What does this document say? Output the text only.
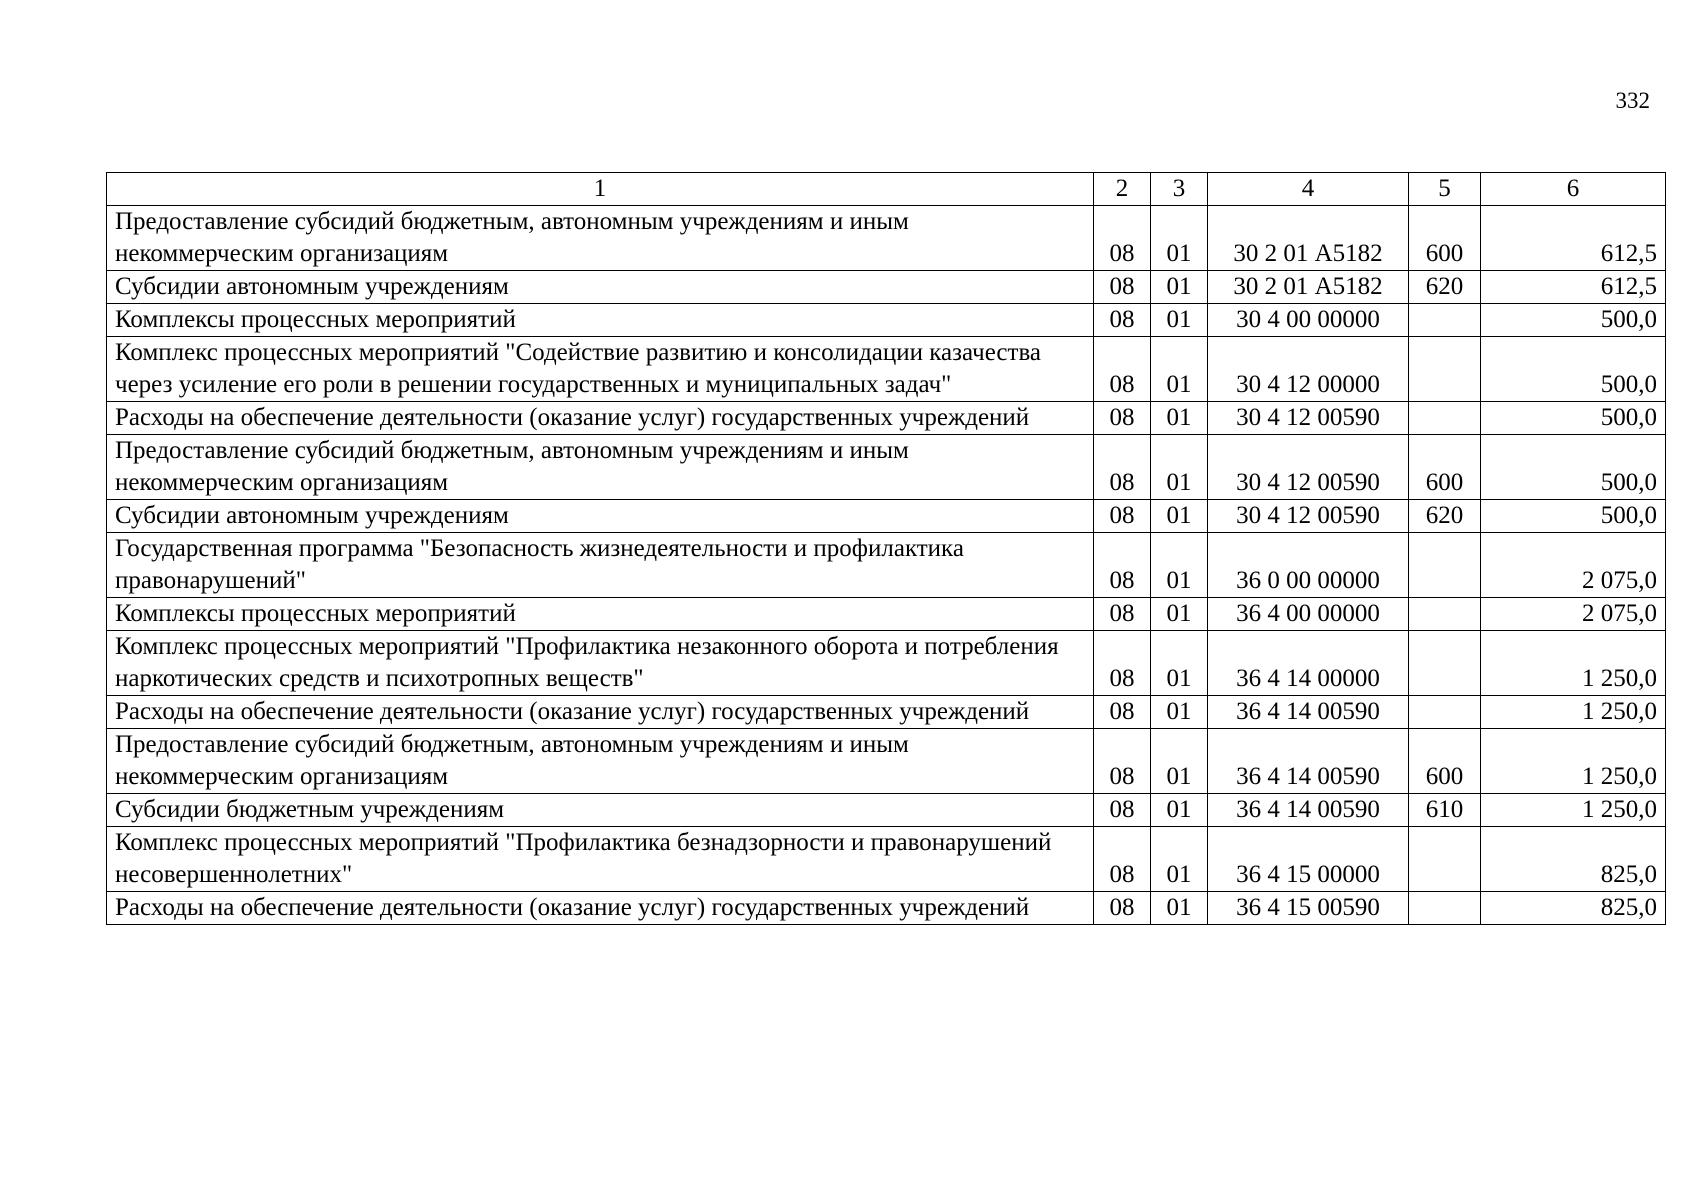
332
1	2	3	4	5	6
Предоставление субсидий бюджетным, автономным учреждениям и иным некоммерческим организациям	08	01	30 2 01 А5182	600	612,5
Субсидии автономным учреждениям	08	01	30 2 01 А5182	620	612,5
Комплексы процессных мероприятий	08	01	30 4 00 00000		500,0
Комплекс процессных мероприятий "Содействие развитию и консолидации казачества через усиление его роли в решении государственных и муниципальных задач"	08	01	30 4 12 00000		500,0
Расходы на обеспечение деятельности (оказание услуг) государственных учреждений	08	01	30 4 12 00590		500,0
Предоставление субсидий бюджетным, автономным учреждениям и иным некоммерческим организациям	08	01	30 4 12 00590	600	500,0
Субсидии автономным учреждениям	08	01	30 4 12 00590	620	500,0
Государственная программа "Безопасность жизнедеятельности и профилактика правонарушений"	08	01	36 0 00 00000		2 075,0
Комплексы процессных мероприятий	08	01	36 4 00 00000		2 075,0
Комплекс процессных мероприятий "Профилактика незаконного оборота и потребления наркотических средств и психотропных веществ"	08	01	36 4 14 00000		1 250,0
Расходы на обеспечение деятельности (оказание услуг) государственных учреждений	08	01	36 4 14 00590		1 250,0
Предоставление субсидий бюджетным, автономным учреждениям и иным некоммерческим организациям	08	01	36 4 14 00590	600	1 250,0
Субсидии бюджетным учреждениям	08	01	36 4 14 00590	610	1 250,0
Комплекс процессных мероприятий "Профилактика безнадзорности и правонарушений несовершеннолетних"	08	01	36 4 15 00000		825,0
Расходы на обеспечение деятельности (оказание услуг) государственных учреждений	08	01	36 4 15 00590		825,0
